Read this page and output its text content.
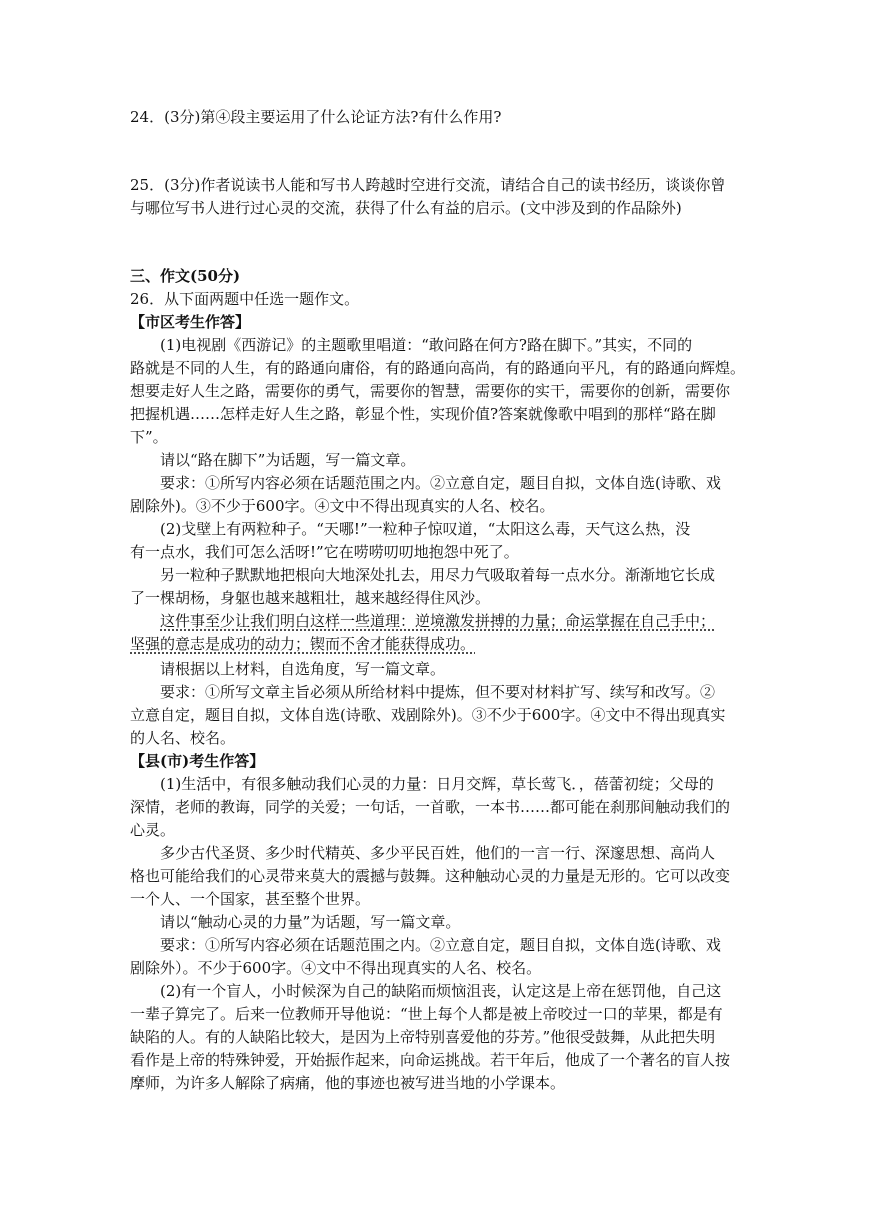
24．(3分)第④段主要运用了什么论证方法?有什么作用?
25．(3分)作者说读书人能和写书人跨越时空进行交流，请结合自己的读书经历，谈谈你曾
与哪位写书人进行过心灵的交流，获得了什么有益的启示。(文中涉及到的作品除外)
三、作文(50分)
26．从下面两题中任选一题作文。
【市区考生作答】
(1)电视剧《西游记》的主题歌里唱道：“敢问路在何方?路在脚下。”其实，不同的
路就是不同的人生，有的路通向庸俗，有的路通向高尚，有的路通向平凡，有的路通向辉煌。
想要走好人生之路，需要你的勇气，需要你的智慧，需要你的实干，需要你的创新，需要你
把握机遇……怎样走好人生之路，彰显个性，实现价值?答案就像歌中唱到的那样“路在脚
下”。
请以“路在脚下”为话题，写一篇文章。
要求：①所写内容必须在话题范围之内。②立意自定，题目自拟，文体自选(诗歌、戏
剧除外)。③不少于600字。④文中不得出现真实的人名、校名。
(2)戈壁上有两粒种子。“天哪!”一粒种子惊叹道，“太阳这么毒，天气这么热，没
有一点水，我们可怎么活呀!”它在唠唠叨叨地抱怨中死了。
另一粒种子默默地把根向大地深处扎去，用尽力气吸取着每一点水分。渐渐地它长成
了一棵胡杨，身躯也越来越粗壮，越来越经得住风沙。
这件事至少让我们明白这样一些道理：逆境激发拼搏的力量；命运掌握在自己手中；
坚强的意志是成功的动力；锲而不舍才能获得成功。
请根据以上材料，自选角度，写一篇文章。
要求：①所写文章主旨必须从所给材料中提炼，但不要对材料扩写、续写和改写。②
立意自定，题目自拟，文体自选(诗歌、戏剧除外)。③不少于600字。④文中不得出现真实
的人名、校名。
【县(市)考生作答】
(1)生活中，有很多触动我们心灵的力量：日月交辉，草长莺飞．，蓓蕾初绽；父母的
深情，老师的教诲，同学的关爱；一句话，一首歌，一本书……都可能在刹那间触动我们的
心灵。
多少古代圣贤、多少时代精英、多少平民百姓，他们的一言一行、深邃思想、高尚人
格也可能给我们的心灵带来莫大的震撼与鼓舞。这种触动心灵的力量是无形的。它可以改变
一个人、一个国家，甚至整个世界。
请以“触动心灵的力量”为话题，写一篇文章。
要求：①所写内容必须在话题范围之内。②立意自定，题目自拟，文体自选(诗歌、戏
剧除外）。不少于600字。④文中不得出现真实的人名、校名。
(2)有一个盲人，小时候深为自己的缺陷而烦恼沮丧，认定这是上帝在惩罚他，自己这
一辈子算完了。后来一位教师开导他说：“世上每个人都是被上帝咬过一口的苹果，都是有
缺陷的人。有的人缺陷比较大，是因为上帝特别喜爱他的芬芳。”他很受鼓舞，从此把失明
看作是上帝的特殊钟爱，开始振作起来，向命运挑战。若干年后，他成了一个著名的盲人按
摩师，为许多人解除了病痛，他的事迹也被写进当地的小学课本。
